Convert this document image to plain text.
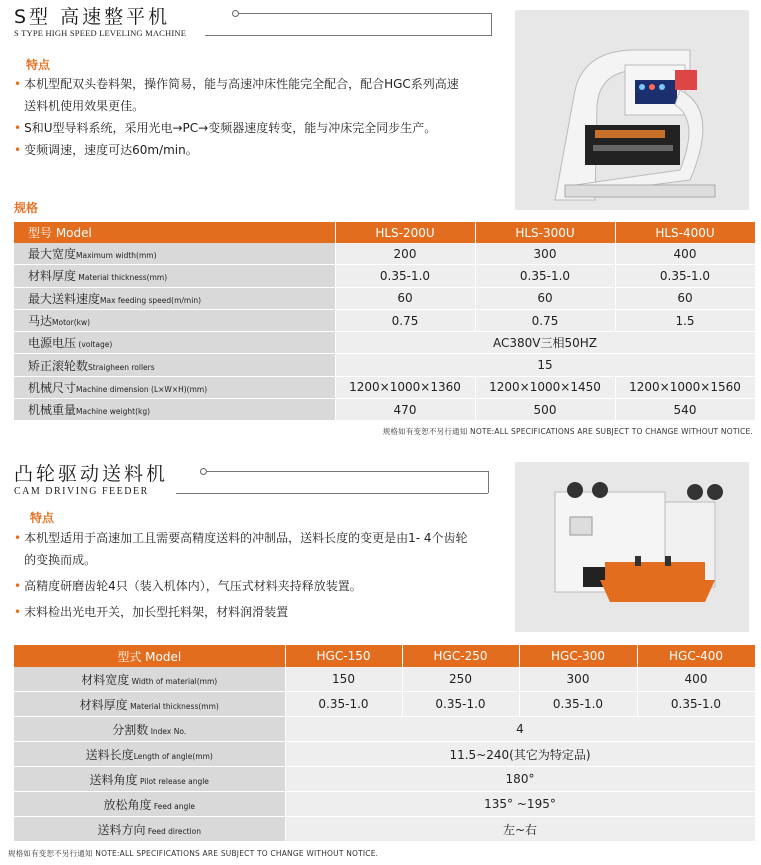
S型 高速整平机
S TYPE HIGH SPEED LEVELING MACHINE
特点
• 本机型配双头卷料架，操作简易，能与高速冲床性能完全配合，配合HGC系列高速送料机使用效果更佳。
• S和U型导料系统，采用光电→PC→变频器速度转变，能与冲床完全同步生产。
• 变频调速，速度可达60m/min。
规格
型号 Model	HLS-200U	HLS-300U	HLS-400U
最大宽度Maximum width(mm)	200	300	400
材料厚度 Material thickness(mm)	0.35-1.0	0.35-1.0	0.35-1.0
最大送料速度Max feeding speed(m/min)	60	60	60
马达Motor(kw)	0.75	0.75	1.5
电源电压 (voltage)	AC380V三相50HZ		
矫正滚轮数Straigheen rollers	15		
机械尺寸Machine dimension (L×W×H)(mm)	1200×1000×1360	1200×1000×1450	1200×1000×1560
机械重量Machine weight(kg)	470	500	540
规格如有变恕不另行通知 NOTE:ALL SPECIFICATIONS ARE SUBJECT TO CHANGE WITHOUT NOTICE.
凸轮驱动送料机
CAM DRIVING FEEDER
特点
• 本机型适用于高速加工且需要高精度送料的冲制品，送料长度的变更是由1- 4个齿轮的变换而成。
• 高精度研磨齿轮4只（装入机体内），气压式材料夹持释放装置。
• 末料检出光电开关，加长型托料架，材料润滑装置
型式 Model	HGC-150	HGC-250	HGC-300	HGC-400
材料宽度 Width of material(mm)	150	250	300	400
材料厚度 Material thickness(mm)	0.35-1.0	0.35-1.0	0.35-1.0	0.35-1.0
分割数 Index No.	4			
送料长度Length of angle(mm)	11.5~240(其它为特定品)			
送料角度 Pilot release angle	180°			
放松角度 Feed angle	135° ~195°			
送料方向 Feed direction	左~右			
规格如有变恕不另行通知 NOTE:ALL SPECIFICATIONS ARE SUBJECT TO CHANGE WITHOUT NOTICE.
